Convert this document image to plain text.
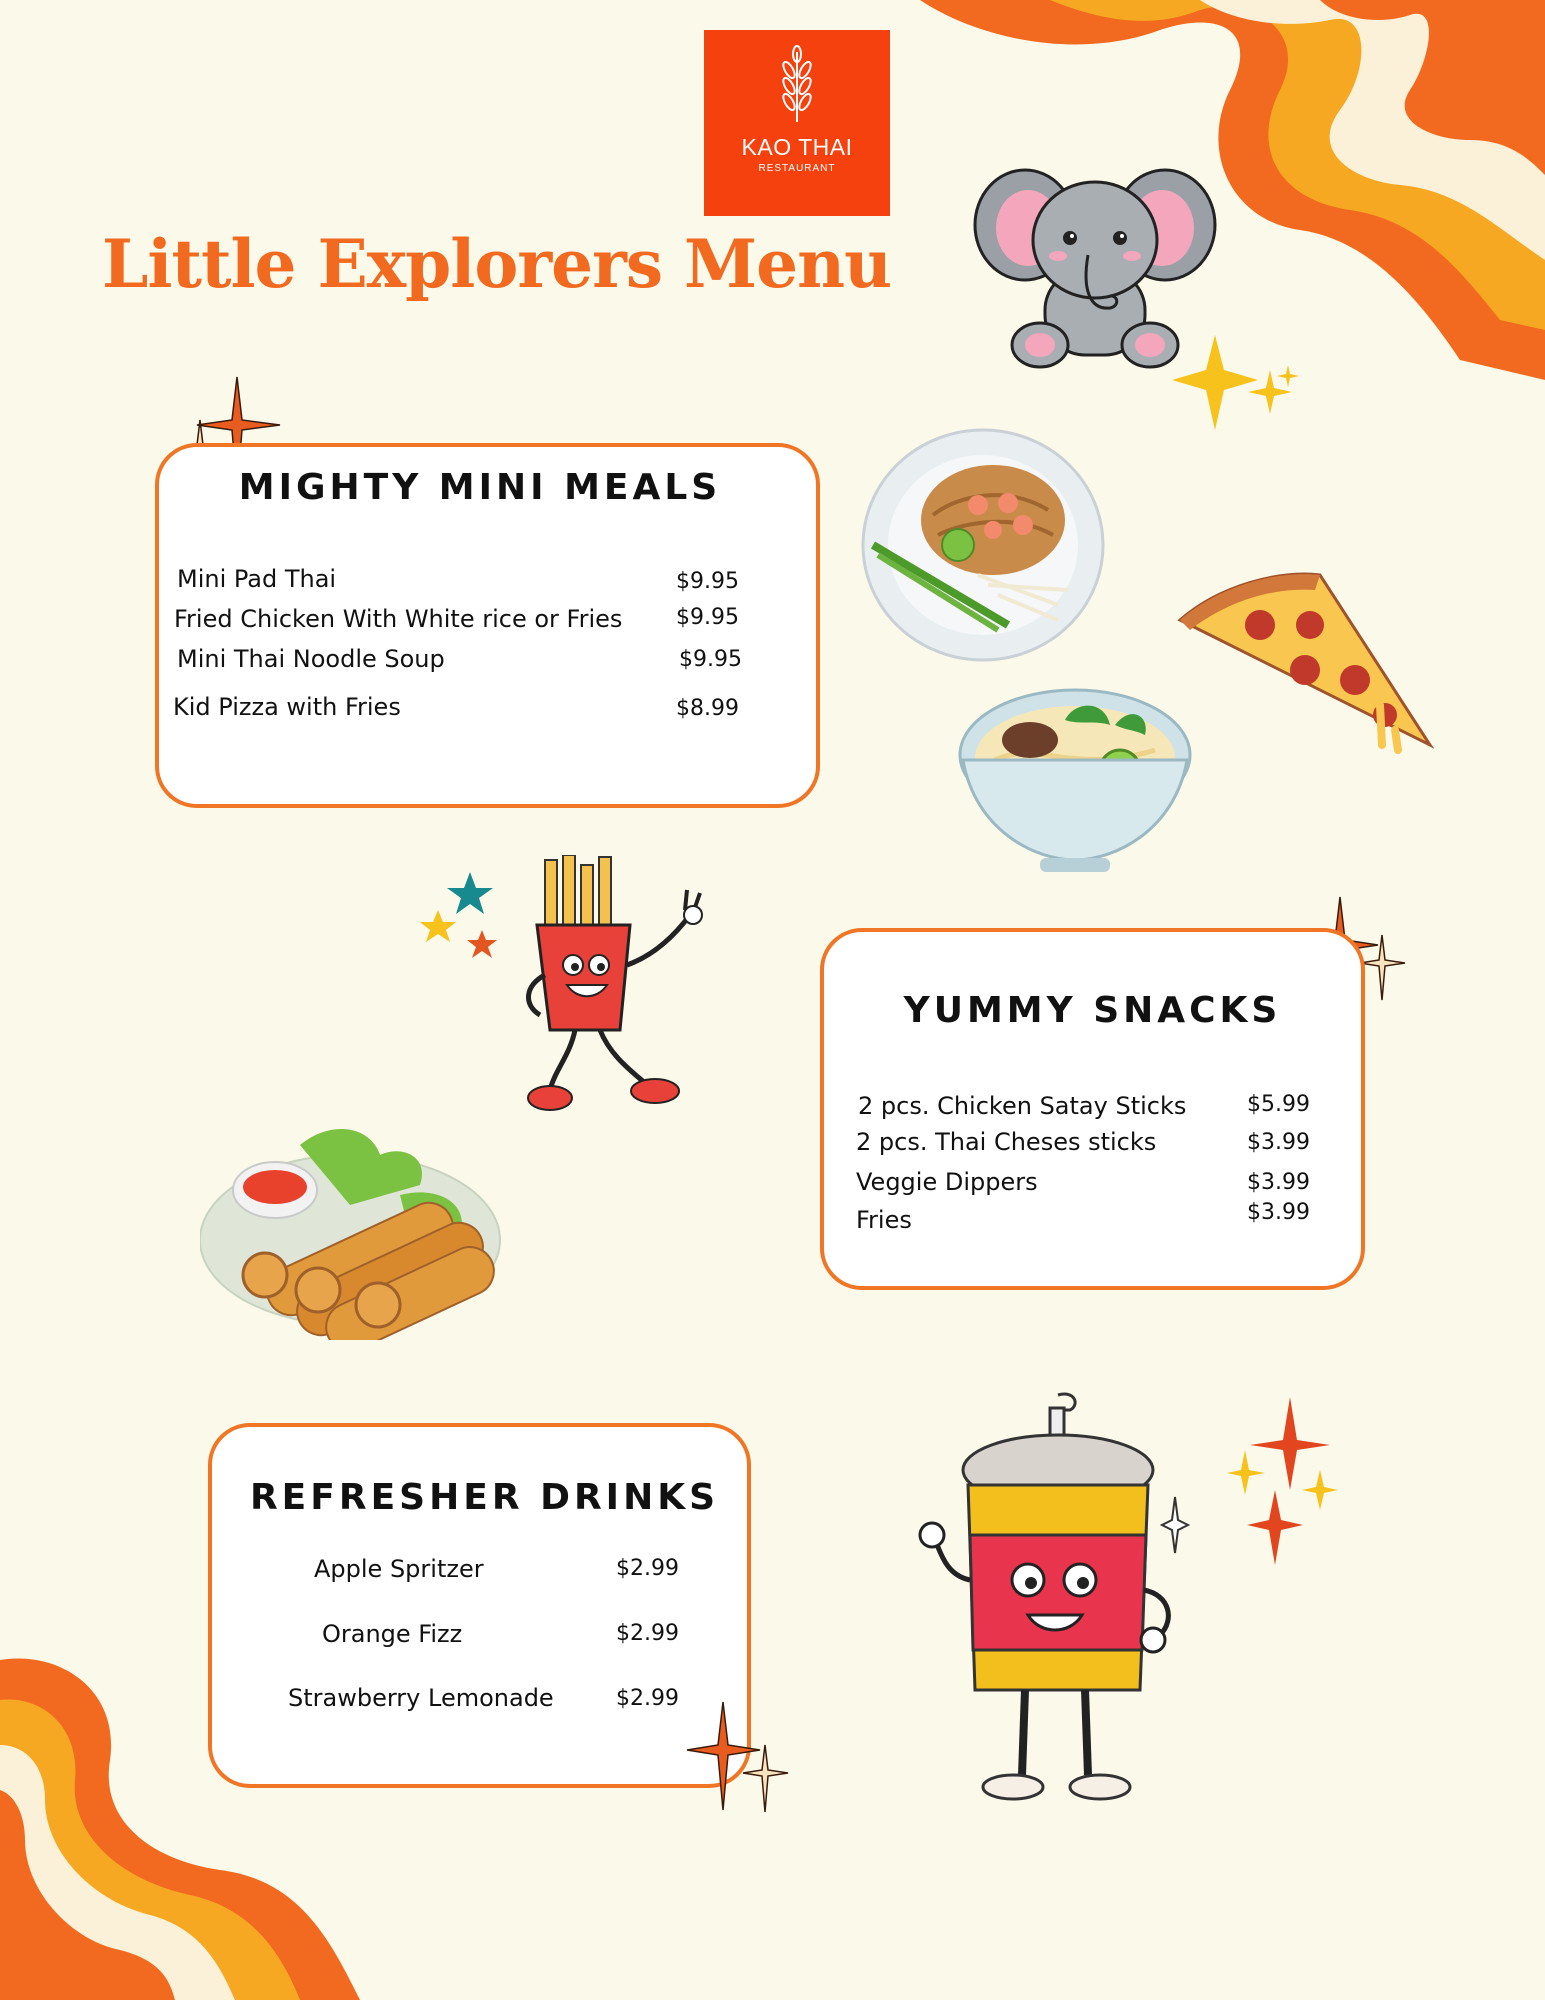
KAO THAI
RESTAURANT
Little Explorers Menu
MIGHTY MINI MEALS
Mini Pad Thai	$9.95
Fried Chicken With White rice or Fries $9.95
Mini Thai Noodle Soup	$9.95
Kid Pizza with Fries	$8.99
YUMMY SNACKS
2 pcs. Chicken Satay Sticks	$5.99
2 pcs. Thai Cheses sticks	$3.99
Veggie Dippers	$3.99
Fries	$3.99
REFRESHER DRINKS
Apple Spritzer	$2.99
Orange Fizz	$2.99
Strawberry Lemonade	$2.99
